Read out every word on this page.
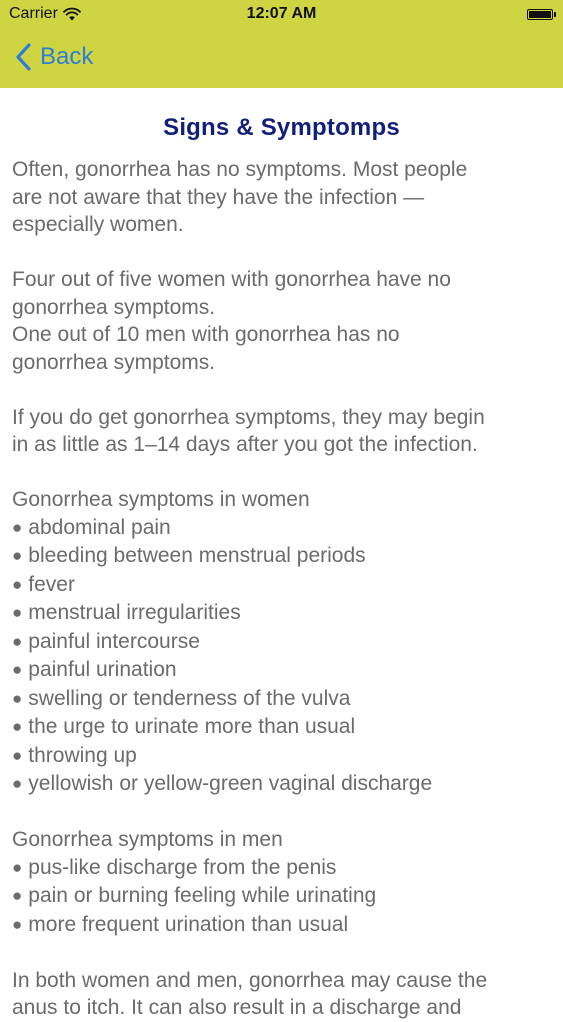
Carrier	12:07 AM
Back
Signs & Symptomps
Often, gonorrhea has no symptoms. Most people
are not aware that they have the infection —
especially women.
Four out of five women with gonorrhea have no
gonorrhea symptoms.
One out of 10 men with gonorrhea has no
gonorrhea symptoms.
If you do get gonorrhea symptoms, they may begin
in as little as 1–14 days after you got the infection.
Gonorrhea symptoms in women
● abdominal pain
● bleeding between menstrual periods
● fever
● menstrual irregularities
● painful intercourse
● painful urination
● swelling or tenderness of the vulva
● the urge to urinate more than usual
● throwing up
● yellowish or yellow-green vaginal discharge
Gonorrhea symptoms in men
● pus-like discharge from the penis
● pain or burning feeling while urinating
● more frequent urination than usual
In both women and men, gonorrhea may cause the
anus to itch. It can also result in a discharge and
